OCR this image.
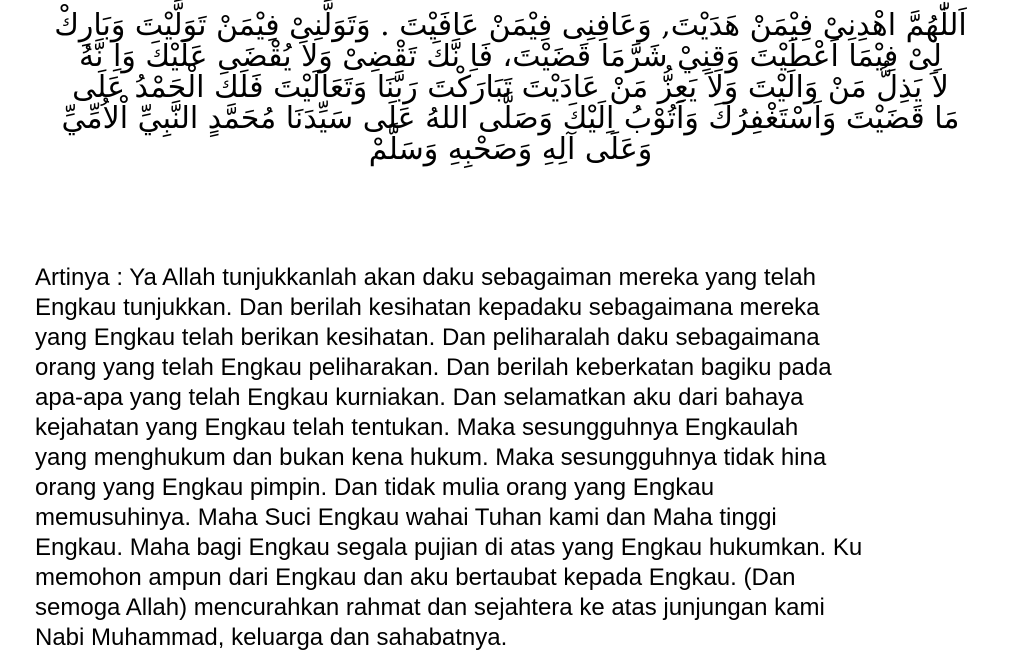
اَللّٰهُمَّ اهْدِنِىْ فِيْمَنْ هَدَيْتَ, وَعَافِنِى فِيْمَنْ عَافَيْتَ . وَتَوَلَّنِىْ فِيْمَنْ تَوَلَّيْتَ وَبَارِكْ
لِىْ فِيْمَا اَعْطَيْتَ وَقِنِيْ شَرَّمَا قَضَيْتَ، فَاِ نَّكَ تَقْضِىْ وَلاَ يُقْضَى عَلَيْكَ وَاِ نَّهُ
لاَ يَذِلُّ مَنْ وَالَيْتَ وَلاَ يَعِزُّ مَنْ عَادَيْتَ تَبَارَكْتَ رَبَّنَا وَتَعَالَيْتَ فَلَكَ الْحَمْدُ عَلَى
مَا قَضَيْتَ وَاَسْتَغْفِرُكَ وَاَتُوْبُ اِلَيْكَ وَصَلَّى اللهُ عَلَى سَيِّدَنَا مُحَمَّدٍ النَّبِيِّ اْلاُمِّيِّ
وَعَلَى آلِهِ وَصَحْبِهِ وَسَلَّمْ
Artinya : Ya Allah tunjukkanlah akan daku sebagaiman mereka yang telah
Engkau tunjukkan. Dan berilah kesihatan kepadaku sebagaimana mereka
yang Engkau telah berikan kesihatan. Dan peliharalah daku sebagaimana
orang yang telah Engkau peliharakan. Dan berilah keberkatan bagiku pada
apa-apa yang telah Engkau kurniakan. Dan selamatkan aku dari bahaya
kejahatan yang Engkau telah tentukan. Maka sesungguhnya Engkaulah
yang menghukum dan bukan kena hukum. Maka sesungguhnya tidak hina
orang yang Engkau pimpin. Dan tidak mulia orang yang Engkau
memusuhinya. Maha Suci Engkau wahai Tuhan kami dan Maha tinggi
Engkau. Maha bagi Engkau segala pujian di atas yang Engkau hukumkan. Ku
memohon ampun dari Engkau dan aku bertaubat kepada Engkau. (Dan
semoga Allah) mencurahkan rahmat dan sejahtera ke atas junjungan kami
Nabi Muhammad, keluarga dan sahabatnya.
